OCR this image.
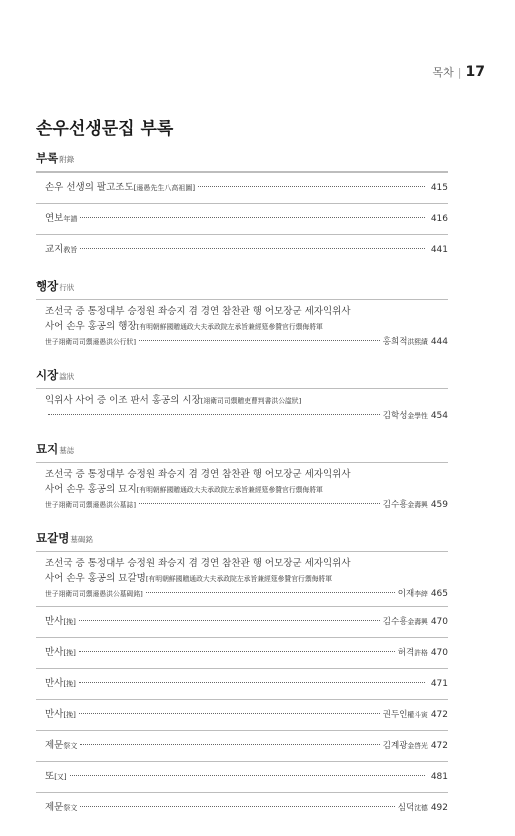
목차 | 17
손우선생문집 부록
부록附錄
손우 선생의 팔고조도[遜愚先生八高祖圖]	415
연보年譜	416
교지敎旨	441
행장行狀
조선국 증 통정대부 승정원 좌승지 겸 경연 참찬관 행 어모장군 세자익위사
사어 손우 홍공의 행장[有明朝鮮國贈通政大夫承政院左承旨兼經筵參贊官行禦侮將軍
世子翊衛司司禦遜愚洪公行狀]	홍희적洪熙績 444
시장諡狀
익위사 사어 증 이조 판서 홍공의 시장[翊衛司司禦贈吏曹判書洪公諡狀]
김학성金學性 454
묘지墓誌
조선국 증 통정대부 승정원 좌승지 겸 경연 참찬관 행 어모장군 세자익위사
사어 손우 홍공의 묘지[有明朝鮮國贈通政大夫承政院左承旨兼經筵參贊官行禦侮將軍
世子翊衛司司禦遜愚洪公墓誌]	김수흥金壽興 459
묘갈명墓碣銘
조선국 증 통정대부 승정원 좌승지 겸 경연 참찬관 행 어모장군 세자익위사
사어 손우 홍공의 묘갈명[有明朝鮮國贈通政大夫承政院左承旨兼經筵參贊官行禦侮將軍
世子翊衛司司禦遜愚洪公墓碣銘]	이재李縡 465
만사[挽]	김수흥金壽興 470
만사[挽]	허격許格 470
만사[挽]	471
만사[挽]	권두인權斗寅 472
제문祭文	김계광金啓光 472
또[又]	481
제문祭文	심덕沈德 492
